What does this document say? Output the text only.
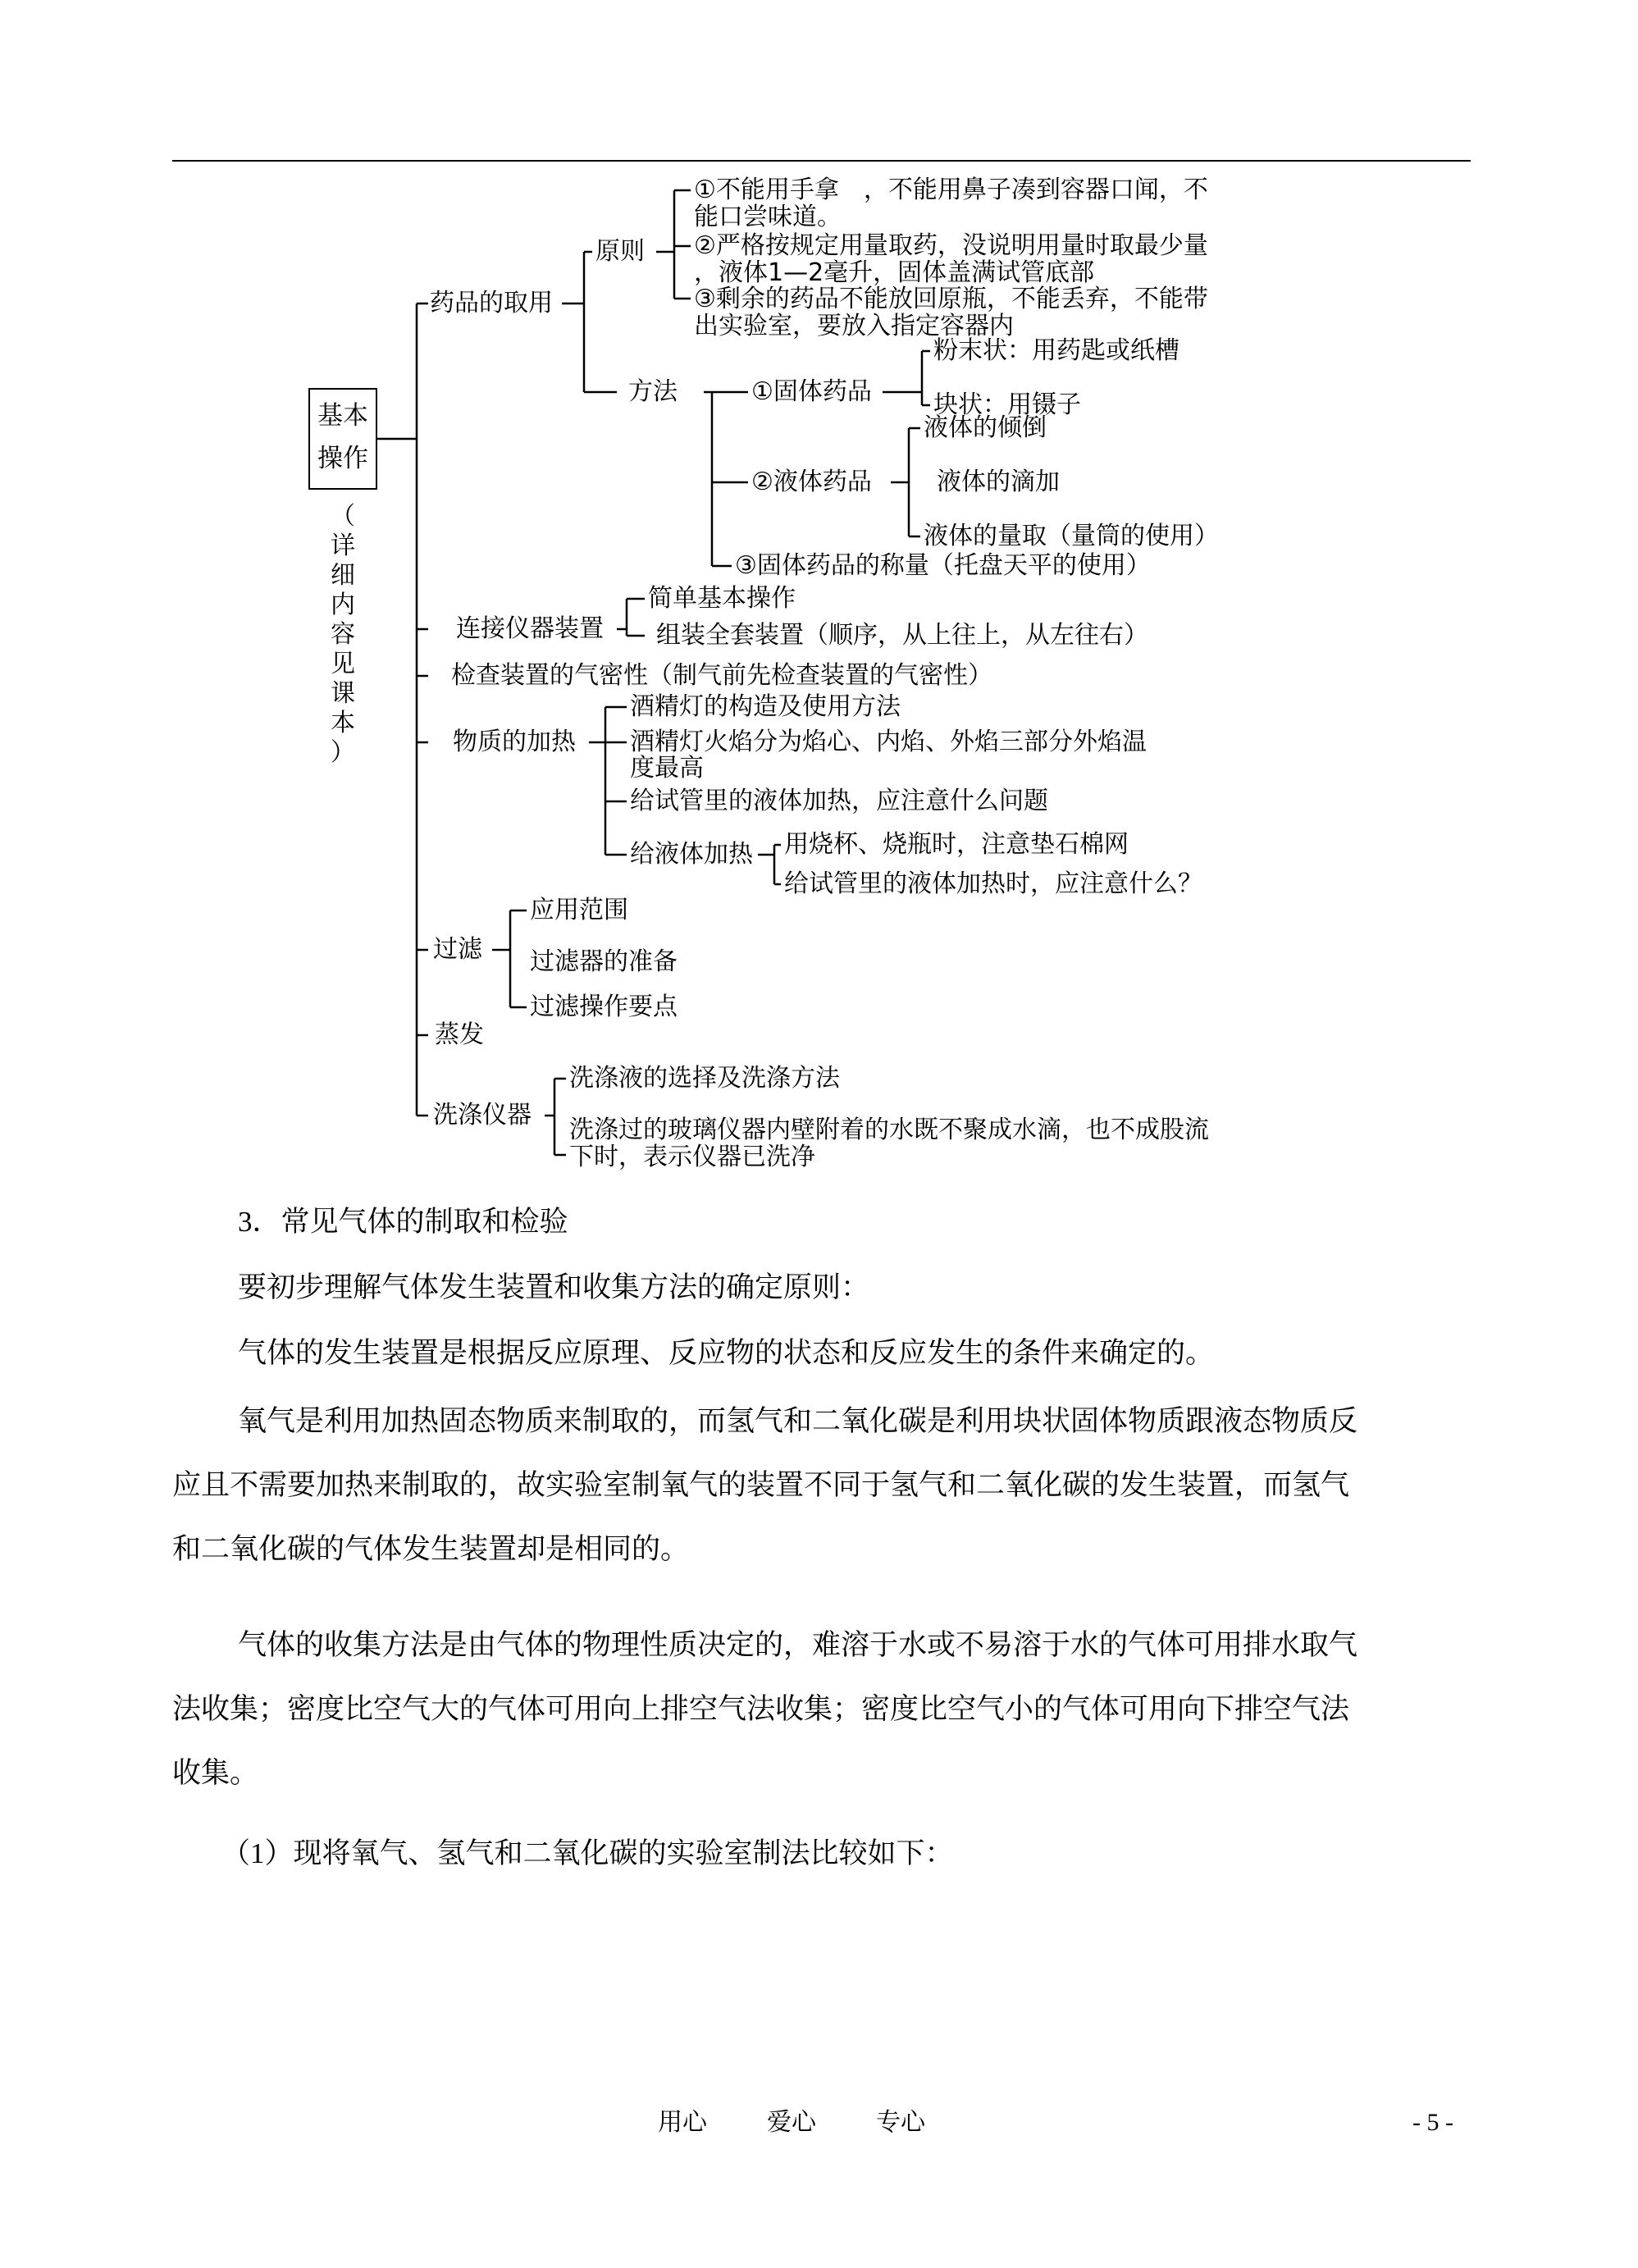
基本
操作
（
详
细
内
容
见
课
本
）
药品的取用
原则
①不能用手拿　，不能用鼻子凑到容器口闻，不
能口尝味道。
②严格按规定用量取药，没说明用量时取最少量
，液体1—2毫升，固体盖满试管底部
③剩余的药品不能放回原瓶，不能丢弃，不能带
出实验室，要放入指定容器内
方法	①固体药品
粉末状：用药匙或纸槽
块状：用镊子
②液体药品
液体的倾倒
液体的滴加
液体的量取（量筒的使用）
③固体药品的称量（托盘天平的使用）
连接仪器装置
简单基本操作
组装全套装置（顺序，从上往上，从左往右）
检查装置的气密性（制气前先检查装置的气密性）
物质的加热
酒精灯的构造及使用方法
酒精灯火焰分为焰心、内焰、外焰三部分外焰温
度最高
给试管里的液体加热，应注意什么问题
给液体加热 用烧杯、烧瓶时，注意垫石棉网
给试管里的液体加热时，应注意什么？
过滤
应用范围
过滤器的准备
过滤操作要点
蒸发
洗涤仪器
洗涤液的选择及洗涤方法
洗涤过的玻璃仪器内壁附着的水既不聚成水滴，也不成股流
下时，表示仪器已洗净
3．常见气体的制取和检验
要初步理解气体发生装置和收集方法的确定原则：
气体的发生装置是根据反应原理、反应物的状态和反应发生的条件来确定的。
氧气是利用加热固态物质来制取的，而氢气和二氧化碳是利用块状固体物质跟液态物质反
应且不需要加热来制取的，故实验室制氧气的装置不同于氢气和二氧化碳的发生装置，而氢气
和二氧化碳的气体发生装置却是相同的。
气体的收集方法是由气体的物理性质决定的，难溶于水或不易溶于水的气体可用排水取气
法收集；密度比空气大的气体可用向上排空气法收集；密度比空气小的气体可用向下排空气法
收集。
（1）现将氧气、氢气和二氧化碳的实验室制法比较如下：
用心 爱心 专心	- 5 -
